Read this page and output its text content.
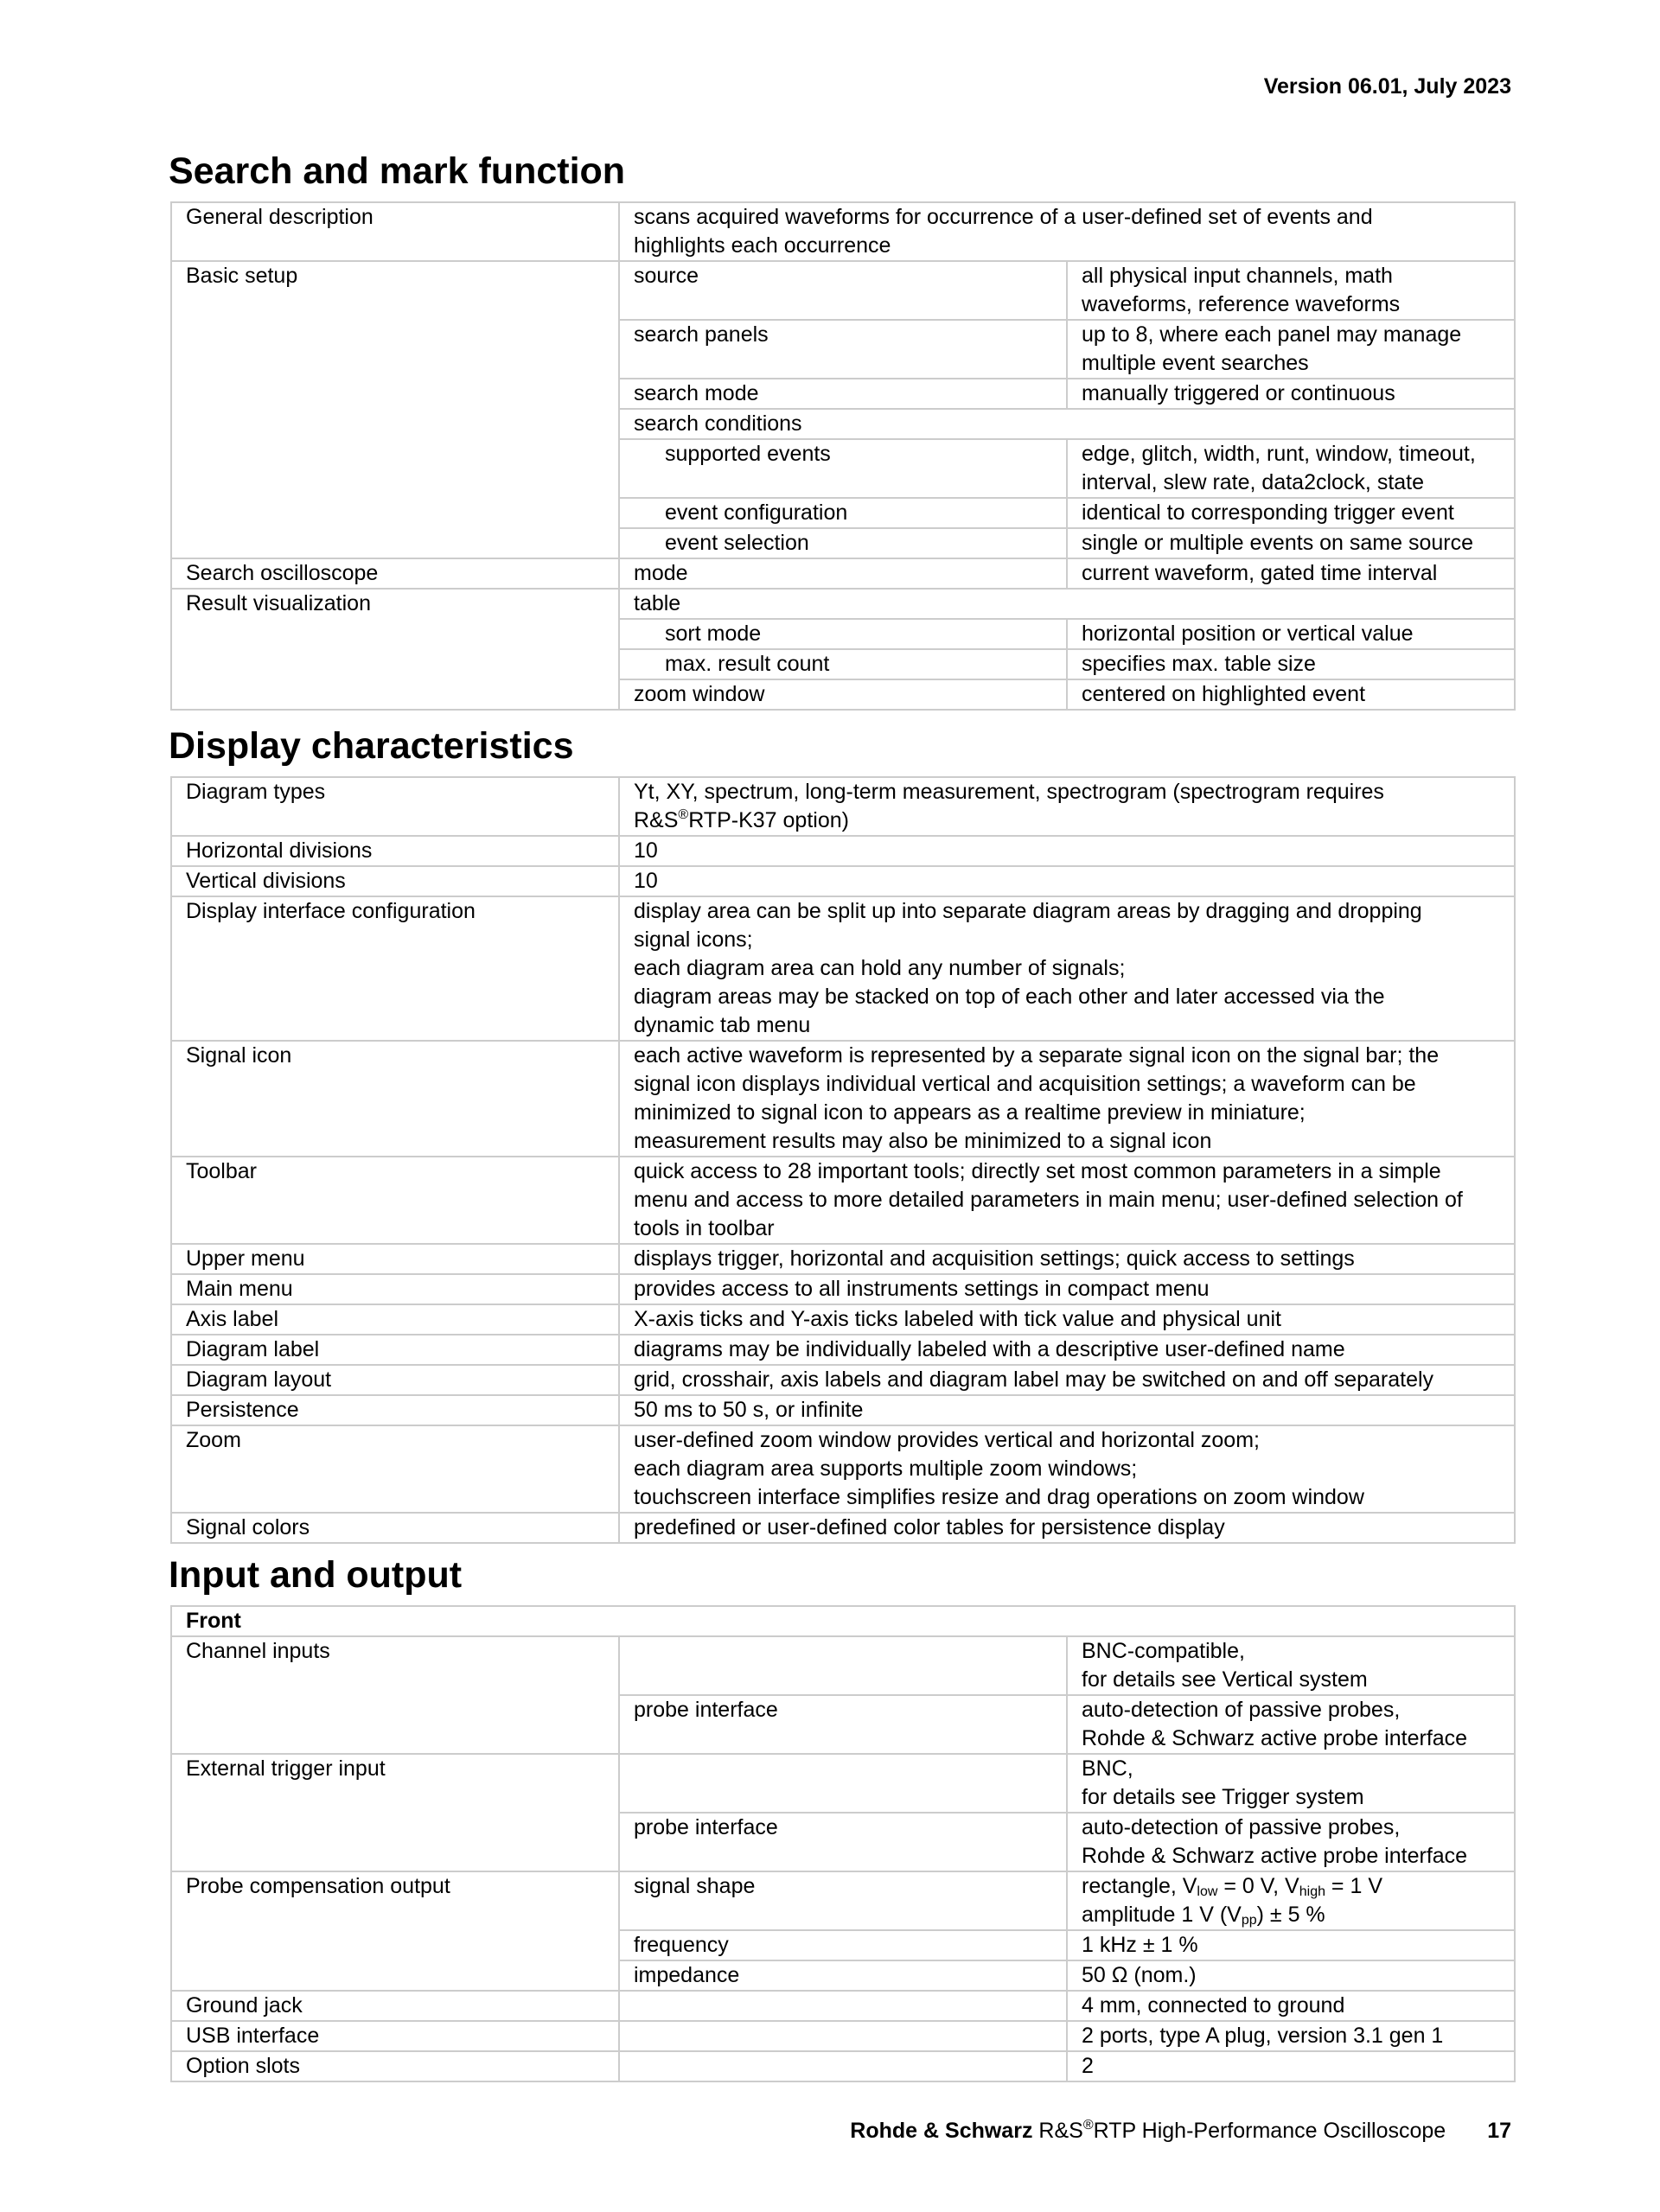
Version 06.01, July 2023
Search and mark function
General description	scans acquired waveforms for occurrence of a user-defined set of events and
highlights each occurrence	

Basic setup	source	all physical input channels, math
waveforms, reference waveforms

	search panels	up to 8, where each panel may manage
multiple event searches

	search mode	manually triggered or continuous
	search conditions	
	supported events	edge, glitch, width, runt, window, timeout,
interval, slew rate, data2clock, state

	event configuration	identical to corresponding trigger event
	event selection	single or multiple events on same source
Search oscilloscope	mode	current waveform, gated time interval
Result visualization	table	
	sort mode	horizontal position or vertical value
	max. result count	specifies max. table size
	zoom window	centered on highlighted event
Display characteristics
Diagram types	Yt, XY, spectrum, long-term measurement, spectrogram (spectrogram requires
R&S®RTP-K37 option)

Horizontal divisions	10

Vertical divisions	10

Display interface configuration	display area can be split up into separate diagram areas by dragging and dropping
signal icons;
each diagram area can hold any number of signals;
diagram areas may be stacked on top of each other and later accessed via the
dynamic tab menu

Signal icon	each active waveform is represented by a separate signal icon on the signal bar; the
signal icon displays individual vertical and acquisition settings; a waveform can be
minimized to signal icon to appears as a realtime preview in miniature;
measurement results may also be minimized to a signal icon

Toolbar	quick access to 28 important tools; directly set most common parameters in a simple
menu and access to more detailed parameters in main menu; user-defined selection of
tools in toolbar

Upper menu	displays trigger, horizontal and acquisition settings; quick access to settings

Main menu	provides access to all instruments settings in compact menu

Axis label	X-axis ticks and Y-axis ticks labeled with tick value and physical unit

Diagram label	diagrams may be individually labeled with a descriptive user-defined name

Diagram layout	grid, crosshair, axis labels and diagram label may be switched on and off separately

Persistence	50 ms to 50 s, or infinite

Zoom	user-defined zoom window provides vertical and horizontal zoom;
each diagram area supports multiple zoom windows;
touchscreen interface simplifies resize and drag operations on zoom window

Signal colors	predefined or user-defined color tables for persistence display
Input and output
Front		
Channel inputs		BNC-compatible,
for details see Vertical system

	probe interface	auto-detection of passive probes,
Rohde & Schwarz active probe interface

External trigger input		BNC,
for details see Trigger system

	probe interface	auto-detection of passive probes,
Rohde & Schwarz active probe interface

Probe compensation output	signal shape	rectangle, $V_{low} = 0$ V, $V_{high} = 1$ V
amplitude 1 V $(V_{pp}) \pm 5$ %

	frequency	1 kHz ± 1 %
	impedance	50 Ω (nom.)
Ground jack		4 mm, connected to ground
USB interface		2 ports, type A plug, version 3.1 gen 1
Option slots		2
Rohde & Schwarz R&S®RTP High-Performance Oscilloscope 17
